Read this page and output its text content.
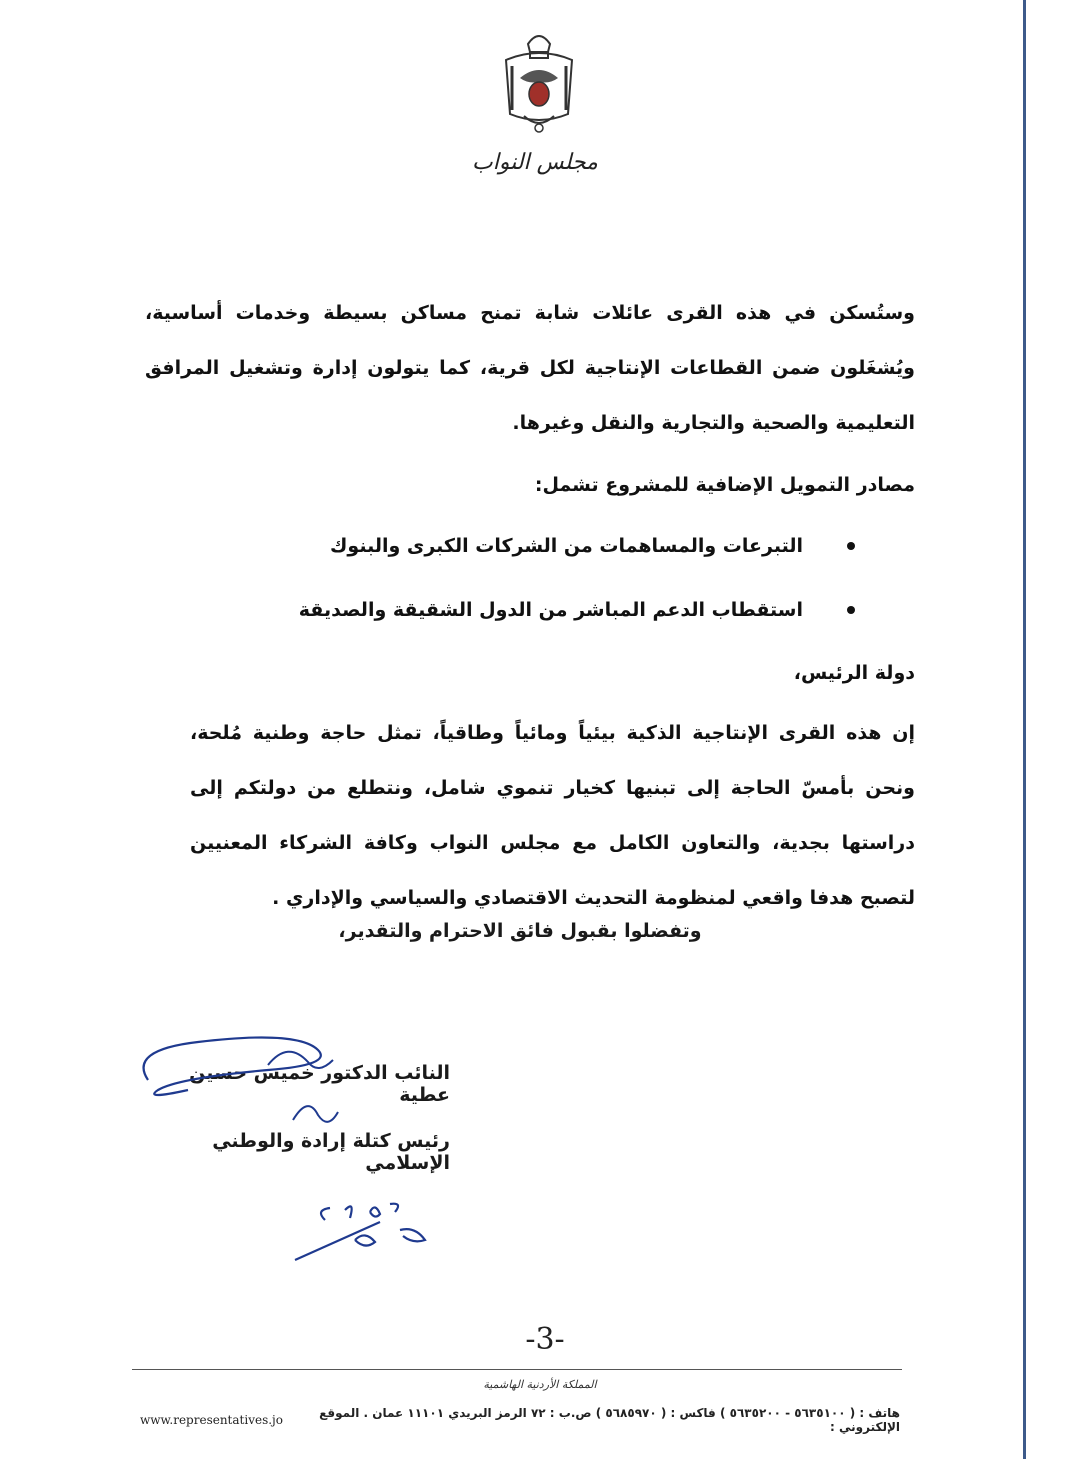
مجلس النواب
وستُسكن في هذه القرى عائلات شابة تمنح مساكن بسيطة وخدمات أساسية، ويُشغَلون ضمن القطاعات الإنتاجية لكل قرية، كما يتولون إدارة وتشغيل المرافق التعليمية والصحية والتجارية والنقل وغيرها.
مصادر التمويل الإضافية للمشروع تشمل:
التبرعات والمساهمات من الشركات الكبرى والبنوك
استقطاب الدعم المباشر من الدول الشقيقة والصديقة
دولة الرئيس،
إن هذه القرى الإنتاجية الذكية بيئياً ومائياً وطاقياً، تمثل حاجة وطنية مُلحة، ونحن بأمسّ الحاجة إلى تبنيها كخيار تنموي شامل، ونتطلع من دولتكم إلى دراستها بجدية، والتعاون الكامل مع مجلس النواب وكافة الشركاء المعنيين لتصبح هدفا واقعي لمنظومة التحديث الاقتصادي والسياسي والإداري .
وتفضلوا بقبول فائق الاحترام والتقدير،
النائب الدكتور خميس حسين عطية
رئيس كتلة إرادة والوطني الإسلامي
-3-
المملكة الأردنية الهاشمية
www.representatives.jo	هاتف : ( ٥٦٣٥١٠٠ - ٥٦٣٥٢٠٠ ) فاكس : ( ٥٦٨٥٩٧٠ ) ص.ب : ٧٢ الرمز البريدي ١١١٠١ عمان . الموقع الإلكتروني :
